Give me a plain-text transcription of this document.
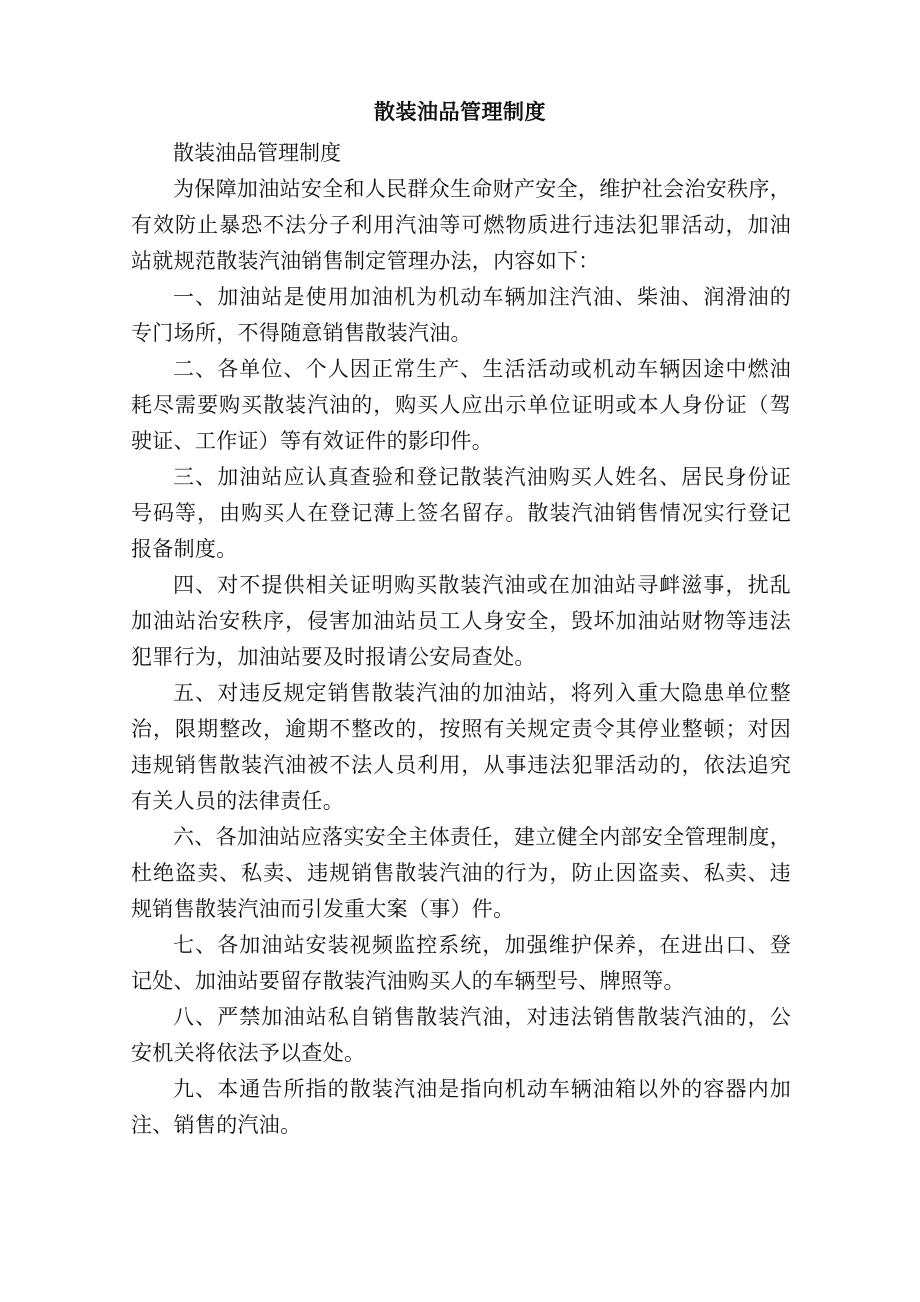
散装油品管理制度

散装油品管理制度

为保障加油站安全和人民群众生命财产安全，维护社会治安秩序，  有效防止暴恐不法分子利用汽油等可燃物质进行违法犯罪活动，加油  站就规范散装汽油销售制定管理办法，内容如下：

一、加油站是使用加油机为机动车辆加注汽油、柴油、润滑油的  专门场所，不得随意销售散装汽油。

二、各单位、个人因正常生产、生活活动或机动车辆因途中燃油  耗尽需要购买散装汽油的，购买人应出示单位证明或本人身份证（驾  驶证、工作证）等有效证件的影印件。

三、加油站应认真查验和登记散装汽油购买人姓名、居民身份证  号码等，由购买人在登记薄上签名留存。散装汽油销售情况实行登记  报备制度。

四、对不提供相关证明购买散装汽油或在加油站寻衅滋事，扰乱  加油站治安秩序，侵害加油站员工人身安全，毁坏加油站财物等违法  犯罪行为，加油站要及时报请公安局查处。

五、对违反规定销售散装汽油的加油站，将列入重大隐患单位整  治，限期整改，逾期不整改的，按照有关规定责令其停业整顿；对因  违规销售散装汽油被不法人员利用，从事违法犯罪活动的，依法追究  有关人员的法律责任。

六、各加油站应落实安全主体责任，建立健全内部安全管理制度，  杜绝盗卖、私卖、违规销售散装汽油的行为，防止因盗卖、私卖、违  规销售散装汽油而引发重大案（事）件。

七、各加油站安装视频监控系统，加强维护保养，在进出口、登  记处、加油站要留存散装汽油购买人的车辆型号、牌照等。

八、严禁加油站私自销售散装汽油，对违法销售散装汽油的，公  安机关将依法予以查处。

九、本通告所指的散装汽油是指向机动车辆油箱以外的容器内加  注、销售的汽油。
